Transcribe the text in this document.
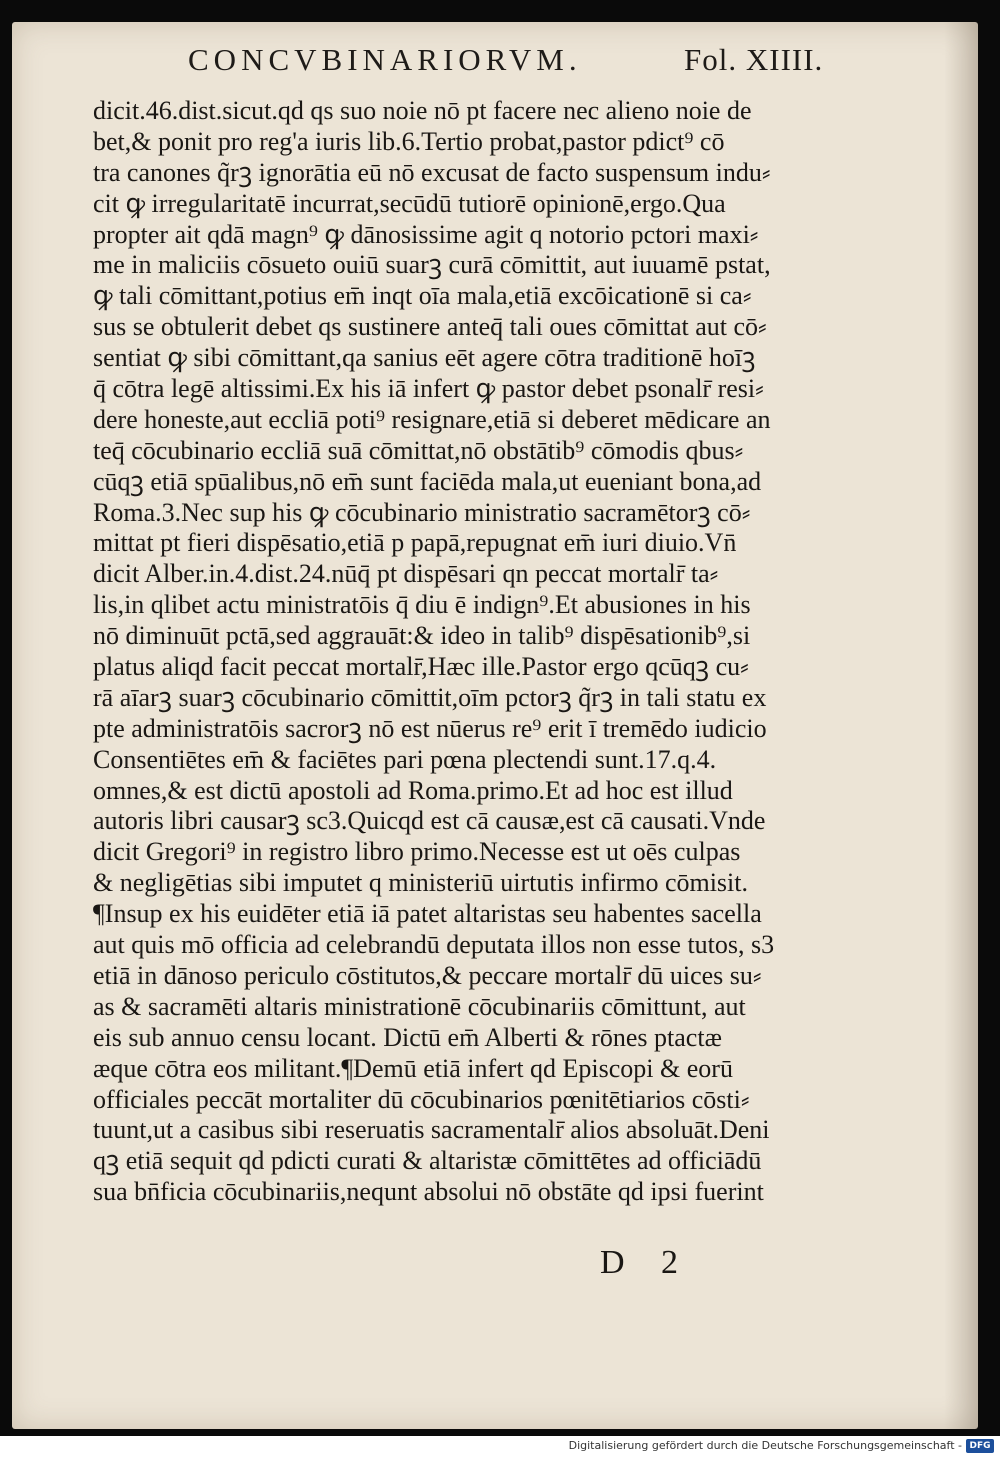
CONCVBINARIORVM.	Fol. XIIII.
dicit.46.dist.sicut.qd qs suo noie nō pt facere nec alieno noie de
bet,& ponit pro reg'a iuris lib.6.Tertio probat,pastor pdict⁹ cō
tra canones q̃rꝫ ignorātia eū nō excusat de facto suspensum indu⸗
cit ꝙ irregularitatē incurrat,secūdū tutiorē opinionē,ergo.Qua
propter ait qdā magn⁹ ꝙ dānosissime agit q notorio pctori maxi⸗
me in maliciis cōsueto ouiū suarꝫ curā cōmittit, aut iuuamē pstat,
ꝙ tali cōmittant,potius em̄ inqt oīa mala,etiā excōicationē si ca⸗
sus se obtulerit debet qs sustinere anteq̄ tali oues cōmittat aut cō⸗
sentiat ꝙ sibi cōmittant,qa sanius eēt agere cōtra traditionē hoīꝫ
q̄ cōtra legē altissimi.Ex his iā infert ꝙ pastor debet psonalr̄ resi⸗
dere honeste,aut eccliā poti⁹ resignare,etiā si deberet mēdicare an
teq̄ cōcubinario eccliā suā cōmittat,nō obstātib⁹ cōmodis qbus⸗
cūqꝫ etiā spūalibus,nō em̄ sunt faciēda mala,ut eueniant bona,ad
Roma.3.Nec sup his ꝙ cōcubinario ministratio sacramētorꝫ cō⸗
mittat pt fieri dispēsatio,etiā p papā,repugnat em̄ iuri diuio.Vn̄
dicit Alber.in.4.dist.24.nūq̄ pt dispēsari qn peccat mortalr̄ ta⸗
lis,in qlibet actu ministratōis q̄ diu ē indign⁹.Et abusiones in his
nō diminuūt pctā,sed aggrauāt:& ideo in talib⁹ dispēsationib⁹,si
platus aliqd facit peccat mortalr̄,Hæc ille.Pastor ergo qcūqꝫ cu⸗
rā aīarꝫ suarꝫ cōcubinario cōmittit,oīm pctorꝫ q̃rꝫ in tali statu ex
pte administratōis sacrorꝫ nō est nūerus re⁹ erit ī tremēdo iudicio
Consentiētes em̄ & faciētes pari pœna plectendi sunt.17.q.4.
omnes,& est dictū apostoli ad Roma.primo.Et ad hoc est illud
autoris libri causarꝫ sc3.Quicqd est cā causæ,est cā causati.Vnde
dicit Gregori⁹ in registro libro primo.Necesse est ut oēs culpas
& negligētias sibi imputet q ministeriū uirtutis infirmo cōmisit.
¶Insup ex his euidēter etiā iā patet altaristas seu habentes sacella
aut quis mō officia ad celebrandū deputata illos non esse tutos, s3
etiā in dānoso periculo cōstitutos,& peccare mortalr̄ dū uices su⸗
as & sacramēti altaris ministrationē cōcubinariis cōmittunt, aut
eis sub annuo censu locant. Dictū em̄ Alberti & rōnes ptactæ
æque cōtra eos militant.¶Demū etiā infert qd Episcopi & eorū
officiales peccāt mortaliter dū cōcubinarios pœnitētiarios cōsti⸗
tuunt,ut a casibus sibi reseruatis sacramentalr̄ alios absoluāt.Deni
qꝫ etiā sequit qd pdicti curati & altaristæ cōmittētes ad officiādū
sua bn̄ficia cōcubinariis,nequnt absolui nō obstāte qd ipsi fuerint
D 2
Digitalisierung gefördert durch die Deutsche Forschungsgemeinschaft - DFG
